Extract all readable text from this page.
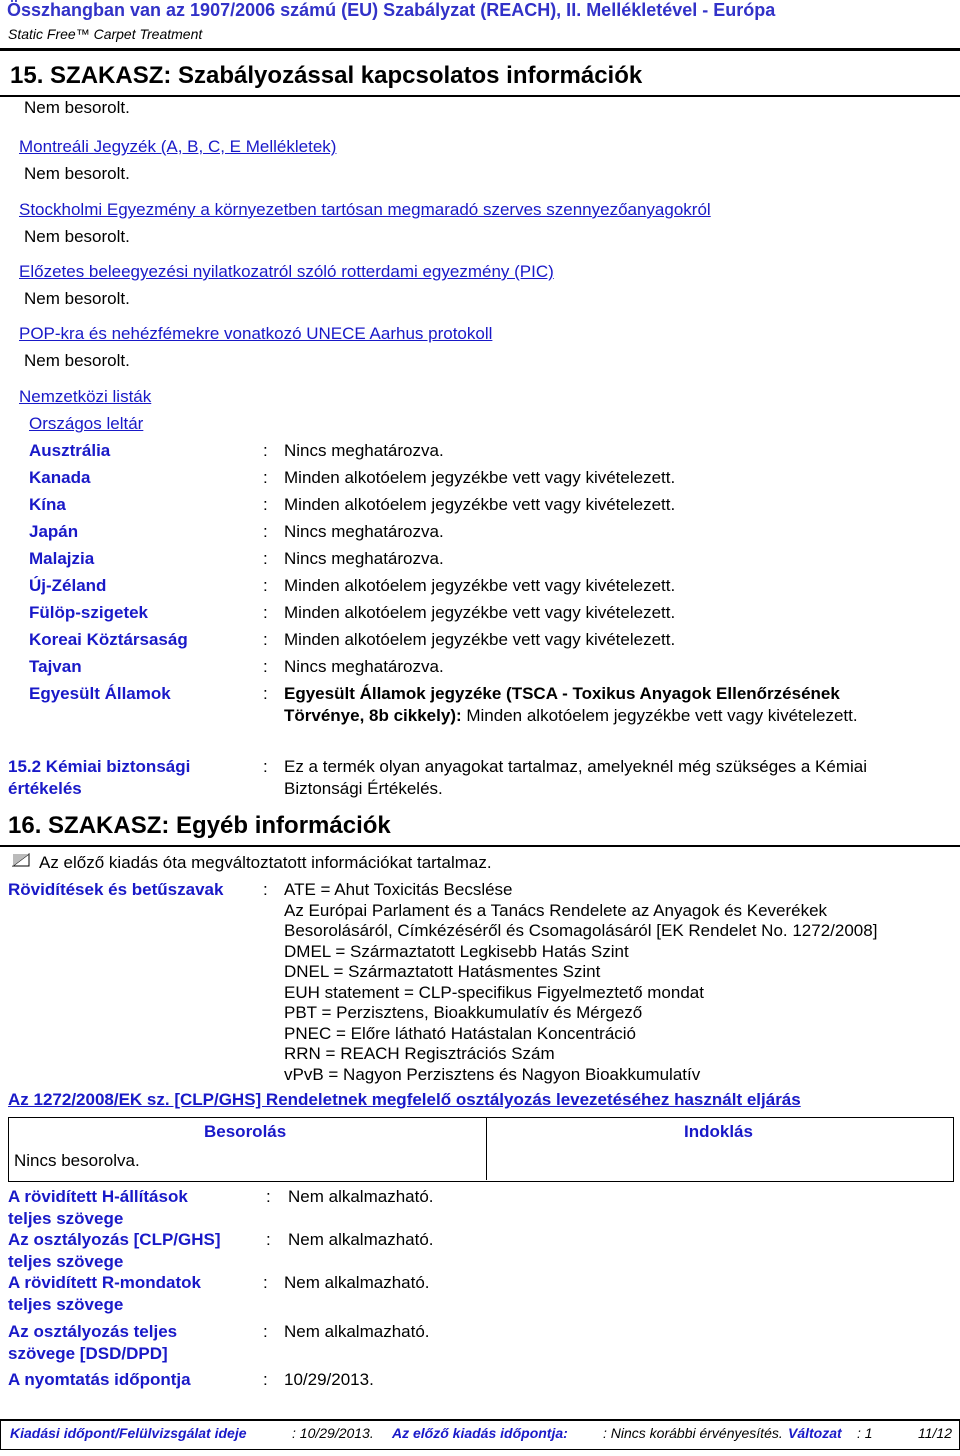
Összhangban van az 1907/2006 számú (EU) Szabályzat (REACH), II. Mellékletével - Európa
Static Free™ Carpet Treatment
15. SZAKASZ: Szabályozással kapcsolatos információk
Nem besorolt.
Montreáli Jegyzék (A, B, C, E Mellékletek)
Nem besorolt.
Stockholmi Egyezmény a környezetben tartósan megmaradó szerves szennyezőanyagokról
Nem besorolt.
Előzetes beleegyezési nyilatkozatról szóló rotterdami egyezmény (PIC)
Nem besorolt.
POP-kra és nehézfémekre vonatkozó UNECE Aarhus protokoll
Nem besorolt.
Nemzetközi listák
Országos leltár
Ausztrália	: Nincs meghatározva.
Kanada	: Minden alkotóelem jegyzékbe vett vagy kivételezett.
Kína	: Minden alkotóelem jegyzékbe vett vagy kivételezett.
Japán	: Nincs meghatározva.
Malajzia	: Nincs meghatározva.
Új-Zéland	: Minden alkotóelem jegyzékbe vett vagy kivételezett.
Fülöp-szigetek	: Minden alkotóelem jegyzékbe vett vagy kivételezett.
Koreai Köztársaság	: Minden alkotóelem jegyzékbe vett vagy kivételezett.
Tajvan	: Nincs meghatározva.
Egyesült Államok	: Egyesült Államok jegyzéke (TSCA - Toxikus Anyagok Ellenőrzésének
Törvénye, 8b cikkely): Minden alkotóelem jegyzékbe vett vagy kivételezett.
15.2 Kémiai biztonsági
értékelés
: Ez a termék olyan anyagokat tartalmaz, amelyeknél még szükséges a Kémiai
Biztonsági Értékelés.
16. SZAKASZ: Egyéb információk
Az előző kiadás óta megváltoztatott információkat tartalmaz.
Rövidítések és betűszavak : ATE = Ahut Toxicitás Becslése
Az Európai Parlament és a Tanács Rendelete az Anyagok és Keverékek
Besorolásáról, Címkézéséről és Csomagolásáról [EK Rendelet No. 1272/2008]
DMEL = Származtatott Legkisebb Hatás Szint
DNEL = Származtatott Hatásmentes Szint
EUH statement = CLP-specifikus Figyelmeztető mondat
PBT = Perzisztens, Bioakkumulatív és Mérgező
PNEC = Előre látható Hatástalan Koncentráció
RRN = REACH Regisztrációs Szám
vPvB = Nagyon Perzisztens és Nagyon Bioakkumulatív
Az 1272/2008/EK sz. [CLP/GHS] Rendeletnek megfelelő osztályozás levezetéséhez használt eljárás
Besorolás	Indoklás
Nincs besorolva.
A rövidített H-állítások
teljes szövege
: Nem alkalmazható.
Az osztályozás [CLP/GHS]
teljes szövege
: Nem alkalmazható.
A rövidített R-mondatok
teljes szövege
: Nem alkalmazható.
Az osztályozás teljes
szövege [DSD/DPD]
: Nem alkalmazható.
A nyomtatás időpontja	: 10/29/2013.
Kiadási időpont/Felülvizsgálat ideje	: 10/29/2013. Az előző kiadás időpontja:	: Nincs korábbi érvényesítés. Változat : 1	11/12
